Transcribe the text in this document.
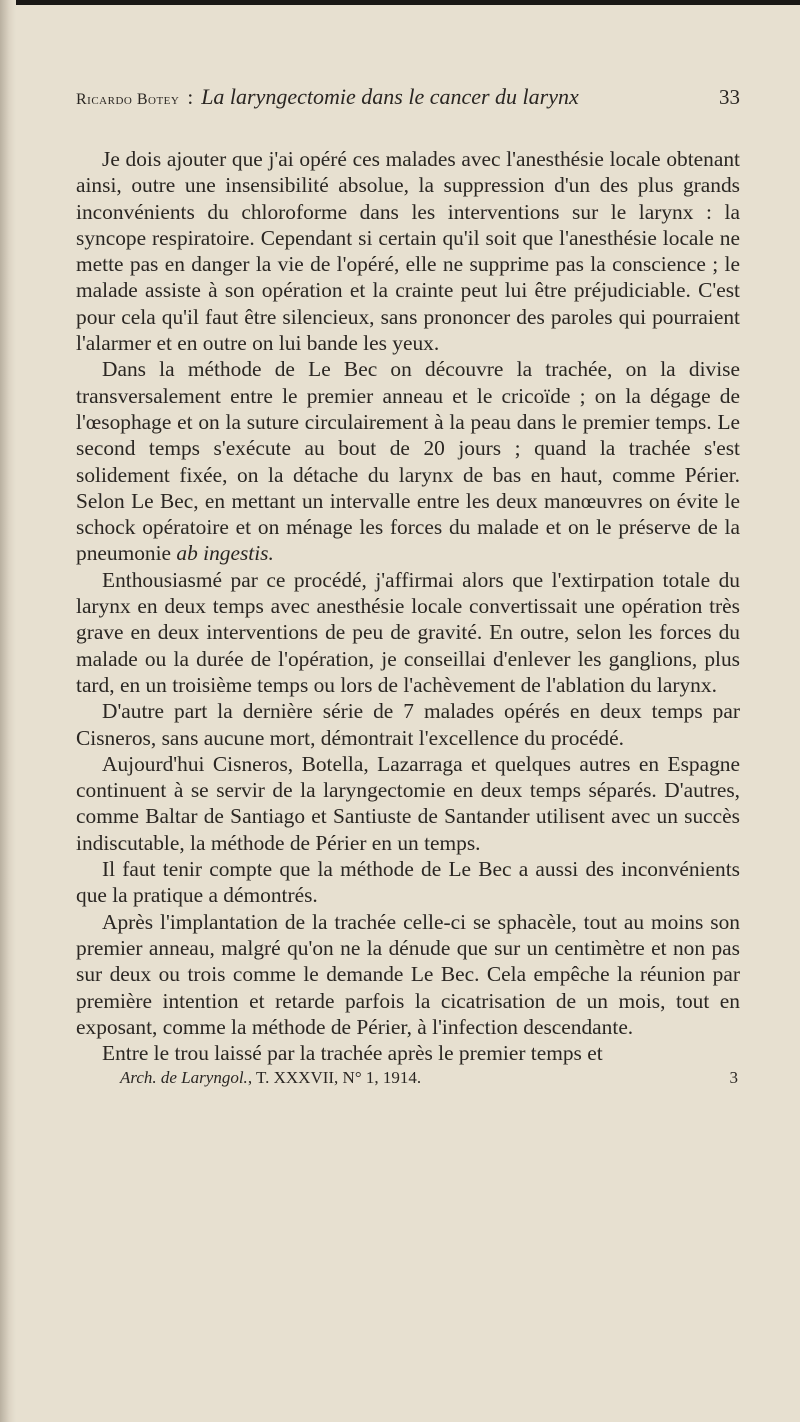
Ricardo Botey : La laryngectomie dans le cancer du larynx	33

Je dois ajouter que j'ai opéré ces malades avec l'anesthésie locale obtenant ainsi, outre une insensibilité absolue, la suppression d'un des plus grands inconvénients du chloroforme dans les interventions sur le larynx : la syncope respiratoire. Cependant si certain qu'il soit que l'anesthésie locale ne mette pas en danger la vie de l'opéré, elle ne supprime pas la conscience ; le malade assiste à son opération et la crainte peut lui être préjudiciable. C'est pour cela qu'il faut être silencieux, sans prononcer des paroles qui pourraient l'alarmer et en outre on lui bande les yeux.

Dans la méthode de Le Bec on découvre la trachée, on la divise transversalement entre le premier anneau et le cricoïde ; on la dégage de l'œsophage et on la suture circulairement à la peau dans le premier temps. Le second temps s'exécute au bout de 20 jours ; quand la trachée s'est solidement fixée, on la détache du larynx de bas en haut, comme Périer. Selon Le Bec, en mettant un intervalle entre les deux manœuvres on évite le schock opératoire et on ménage les forces du malade et on le préserve de la pneumonie ab ingestis.

Enthousiasmé par ce procédé, j'affirmai alors que l'extirpation totale du larynx en deux temps avec anesthésie locale convertissait une opération très grave en deux interventions de peu de gravité. En outre, selon les forces du malade ou la durée de l'opération, je conseillai d'enlever les ganglions, plus tard, en un troisième temps ou lors de l'achèvement de l'ablation du larynx.

D'autre part la dernière série de 7 malades opérés en deux temps par Cisneros, sans aucune mort, démontrait l'excellence du procédé.

Aujourd'hui Cisneros, Botella, Lazarraga et quelques autres en Espagne continuent à se servir de la laryngectomie en deux temps séparés. D'autres, comme Baltar de Santiago et Santiuste de Santander utilisent avec un succès indiscutable, la méthode de Périer en un temps.

Il faut tenir compte que la méthode de Le Bec a aussi des inconvénients que la pratique a démontrés.

Après l'implantation de la trachée celle-ci se sphacèle, tout au moins son premier anneau, malgré qu'on ne la dénude que sur un centimètre et non pas sur deux ou trois comme le demande Le Bec. Cela empêche la réunion par première intention et retarde parfois la cicatrisation de un mois, tout en exposant, comme la méthode de Périer, à l'infection descendante.

Entre le trou laissé par la trachée après le premier temps et

Arch. de Laryngol., T. XXXVII, N° 1, 1914.	3
